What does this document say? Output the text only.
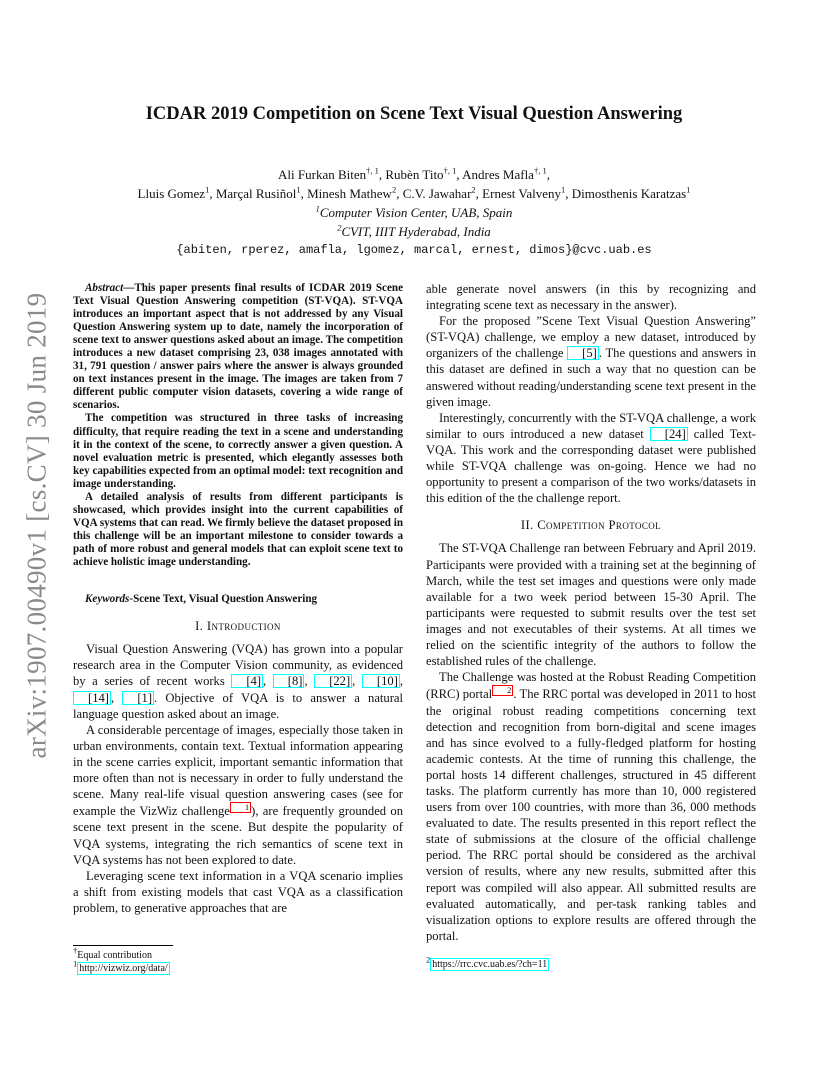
arXiv:1907.00490v1 [cs.CV] 30 Jun 2019
ICDAR 2019 Competition on Scene Text Visual Question Answering
Ali Furkan Biten$^{\dagger, 1}$, Rubèn Tito$^{\dagger, 1}$, Andres Mafla$^{\dagger, 1}$,
Lluis Gomez$^1$, Marçal Rusiñol$^1$, Minesh Mathew$^2$, C.V. Jawahar$^2$, Ernest Valveny$^1$, Dimosthenis Karatzas$^1$
$^1$Computer Vision Center, UAB, Spain
$^2$CVIT, IIIT Hyderabad, India
{abiten, rperez, amafla, lgomez, marcal, ernest, dimos}@cvc.uab.es

Abstract—This paper presents final results of ICDAR 2019 Scene Text Visual Question Answering competition (ST-VQA). ST-VQA introduces an important aspect that is not addressed by any Visual Question Answering system up to date, namely the incorporation of scene text to answer questions asked about an image. The competition introduces a new dataset comprising 23, 038 images annotated with 31, 791 question / answer pairs where the answer is always grounded on text instances present in the image. The images are taken from 7 different public computer vision datasets, covering a wide range of scenarios.

The competition was structured in three tasks of increasing difficulty, that require reading the text in a scene and understanding it in the context of the scene, to correctly answer a given question. A novel evaluation metric is presented, which elegantly assesses both key capabilities expected from an optimal model: text recognition and image understanding.

A detailed analysis of results from different participants is showcased, which provides insight into the current capabilities of VQA systems that can read. We firmly believe the dataset proposed in this challenge will be an important milestone to consider towards a path of more robust and general models that can exploit scene text to achieve holistic image understanding.

Keywords-Scene Text, Visual Question Answering
I. Introduction

Visual Question Answering (VQA) has grown into a popular research area in the Computer Vision community, as evidenced by a series of recent works [4] , [8] , [22] , [10] , [14] , [1] . Objective of VQA is to answer a natural language question asked about an image.

A considerable percentage of images, especially those taken in urban environments, contain text. Textual information appearing in the scene carries explicit, important semantic information that more often than not is necessary in order to fully understand the scene. Many real-life visual question answering cases (see for example the VizWiz challenge 1 ), are frequently grounded on scene text present in the scene. But despite the popularity of VQA systems, integrating the rich semantics of scene text in VQA systems has not been explored to date.

Leveraging scene text information in a VQA scenario implies a shift from existing models that cast VQA as a classification problem, to generative approaches that are

able generate novel answers (in this by recognizing and integrating scene text as necessary in the answer).

For the proposed ”Scene Text Visual Question Answering” (ST-VQA) challenge, we employ a new dataset, introduced by organizers of the challenge [5] . The questions and answers in this dataset are defined in such a way that no question can be answered without reading/understanding scene text present in the given image.

Interestingly, concurrently with the ST-VQA challenge, a work similar to ours introduced a new dataset [24] called Text-VQA. This work and the corresponding dataset were published while ST-VQA challenge was on-going. Hence we had no opportunity to present a comparison of the two works/datasets in this edition of the the challenge report.

II. Competition Protocol

The ST-VQA Challenge ran between February and April 2019. Participants were provided with a training set at the beginning of March, while the test set images and questions were only made available for a two week period between 15-30 April. The participants were requested to submit results over the test set images and not executables of their systems. At all times we relied on the scientific integrity of the authors to follow the established rules of the challenge.

The Challenge was hosted at the Robust Reading Competition (RRC) portal 2 . The RRC portal was developed in 2011 to host the original robust reading competitions concerning text detection and recognition from born-digital and scene images and has since evolved to a fully-fledged platform for hosting academic contests. At the time of running this challenge, the portal hosts 14 different challenges, structured in 45 different tasks. The platform currently has more than 10, 000 registered users from over 100 countries, with more than 36, 000 methods evaluated to date. The results presented in this report reflect the state of submissions at the closure of the official challenge period. The RRC portal should be considered as the archival version of results, where any new results, submitted after this report was compiled will also appear. All submitted results are evaluated automatically, and per-task ranking tables and visualization options to explore results are offered through the portal.

†Equal contribution
$^1$ http://vizwiz.org/data/
$^2$ https://rrc.cvc.uab.es/?ch=11
